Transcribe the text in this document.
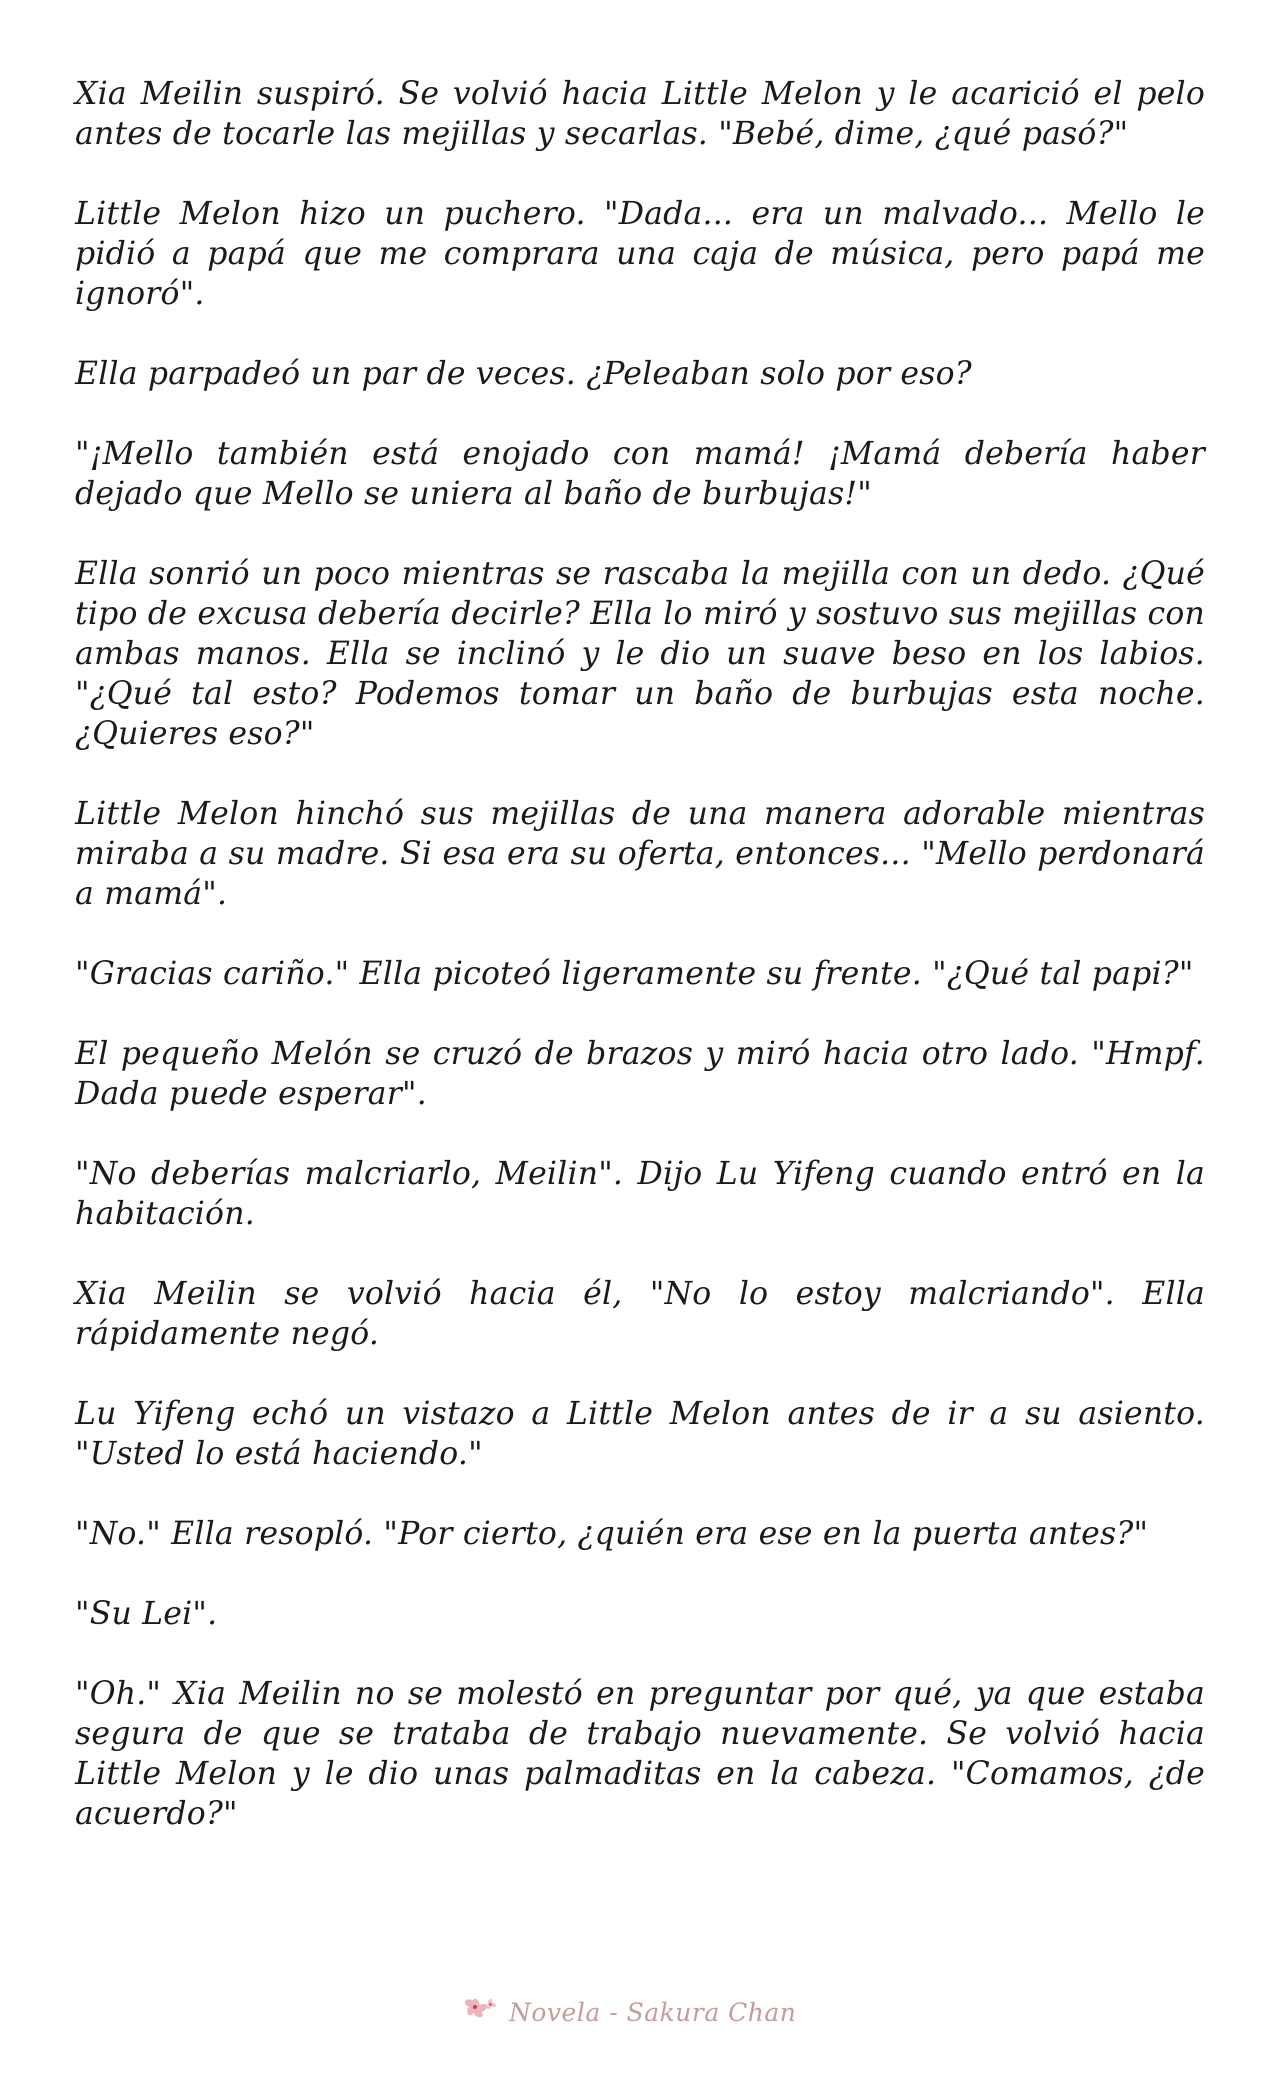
Xia Meilin suspiró. Se volvió hacia Little Melon y le acarició el pelo antes de tocarle las mejillas y secarlas. "Bebé, dime, ¿qué pasó?"

Little Melon hizo un puchero. "Dada... era un malvado... Mello le pidió a papá que me comprara una caja de música, pero papá me ignoró".

Ella parpadeó un par de veces. ¿Peleaban solo por eso?

"¡Mello también está enojado con mamá! ¡Mamá debería haber dejado que Mello se uniera al baño de burbujas!"

Ella sonrió un poco mientras se rascaba la mejilla con un dedo. ¿Qué tipo de excusa debería decirle? Ella lo miró y sostuvo sus mejillas con ambas manos. Ella se inclinó y le dio un suave beso en los labios. "¿Qué tal esto? Podemos tomar un baño de burbujas esta noche. ¿Quieres eso?"

Little Melon hinchó sus mejillas de una manera adorable mientras miraba a su madre. Si esa era su oferta, entonces... "Mello perdonará a mamá".

"Gracias cariño." Ella picoteó ligeramente su frente. "¿Qué tal papi?"

El pequeño Melón se cruzó de brazos y miró hacia otro lado. "Hmpf. Dada puede esperar".

"No deberías malcriarlo, Meilin". Dijo Lu Yifeng cuando entró en la habitación.

Xia Meilin se volvió hacia él, "No lo estoy malcriando". Ella rápidamente negó.

Lu Yifeng echó un vistazo a Little Melon antes de ir a su asiento. "Usted lo está haciendo."

"No." Ella resopló. "Por cierto, ¿quién era ese en la puerta antes?"

"Su Lei".

"Oh." Xia Meilin no se molestó en preguntar por qué, ya que estaba segura de que se trataba de trabajo nuevamente. Se volvió hacia Little Melon y le dio unas palmaditas en la cabeza. "Comamos, ¿de acuerdo?"

Novela - Sakura Chan
